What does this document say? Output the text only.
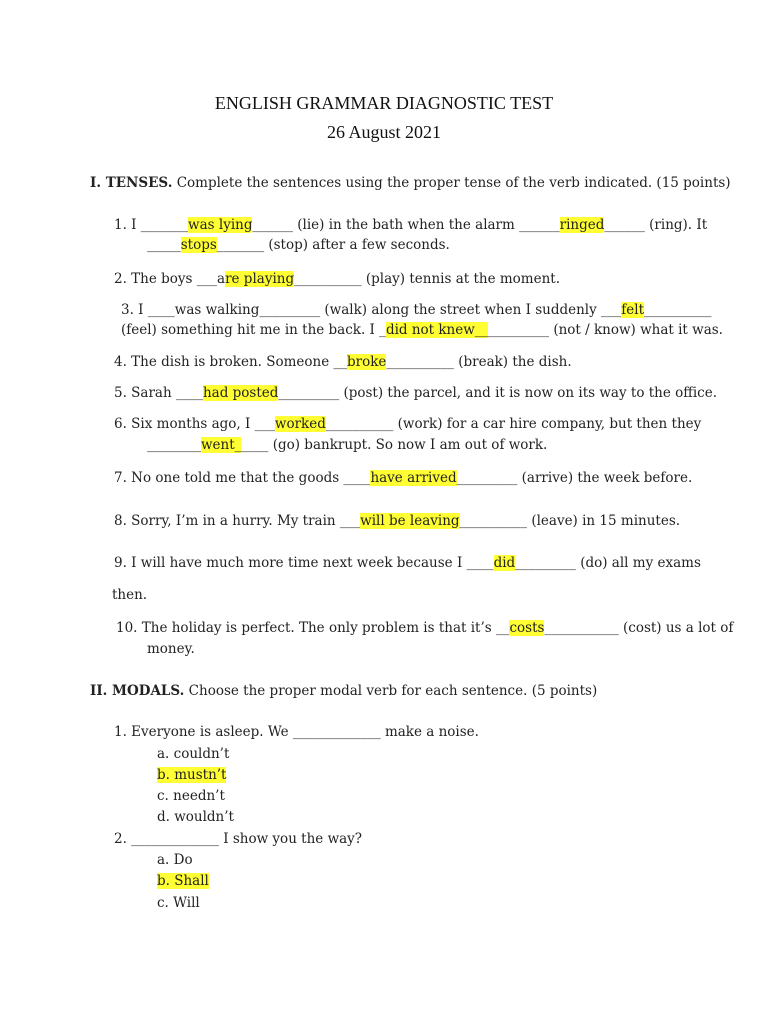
ENGLISH GRAMMAR DIAGNOSTIC TEST
26 August 2021
I. TENSES. Complete the sentences using the proper tense of the verb indicated. (15 points)
1. I _______was lying______ (lie) in the bath when the alarm ______ringed______ (ring). It
_____stops_______ (stop) after a few seconds.
2. The boys ___are playing__________ (play) tennis at the moment.
3. I ____was walking_________ (walk) along the street when I suddenly ___felt__________
(feel) something hit me in the back. I _did not knew___________ (not / know) what it was.
4. The dish is broken. Someone __broke__________ (break) the dish.
5. Sarah ____had posted_________ (post) the parcel, and it is now on its way to the office.
6. Six months ago, I ___worked__________ (work) for a car hire company, but then they
________went_____ (go) bankrupt. So now I am out of work.
7. No one told me that the goods ____have arrived_________ (arrive) the week before.
8. Sorry, I’m in a hurry. My train ___will be leaving__________ (leave) in 15 minutes.
9. I will have much more time next week because I ____did_________ (do) all my exams
then.
10. The holiday is perfect. The only problem is that it’s __costs___________ (cost) us a lot of
money.
II. MODALS. Choose the proper modal verb for each sentence. (5 points)
1. Everyone is asleep. We _____________ make a noise.
a. couldn’t
b. mustn’t
c. needn’t
d. wouldn’t
2. _____________ I show you the way?
a. Do
b. Shall
c. Will
